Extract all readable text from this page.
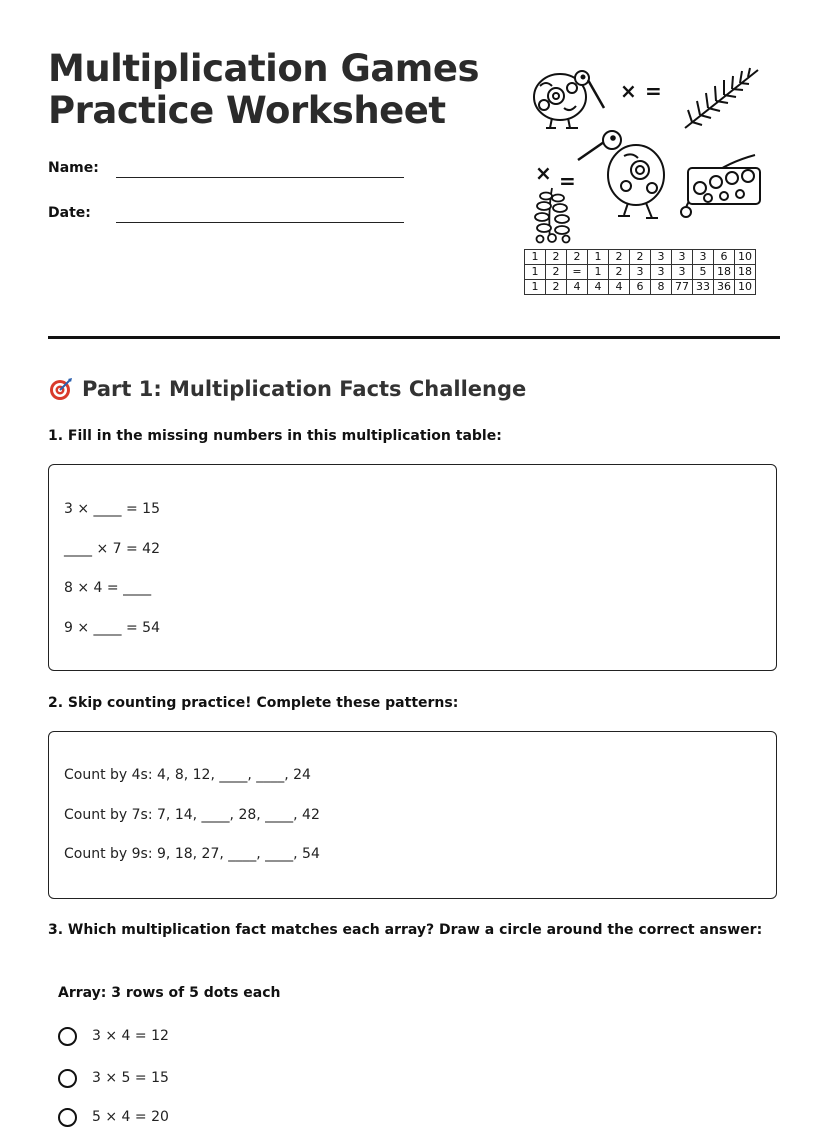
Multiplication Games
Practice Worksheet
Name:
Date:
× =
× =
1	2	2	1	2	2	3	3	3	6	10
1	2	=	1	2	3	3	3	5	18	18
1	2	4	4	4	6	8	77	33	36	10
Part 1: Multiplication Facts Challenge

1. Fill in the missing numbers in this multiplication table:

3 × ____ = 15
____ × 7 = 42
8 × 4 = ____
9 × ____ = 54

2. Skip counting practice! Complete these patterns:

Count by 4s: 4, 8, 12, ____, ____, 24
Count by 7s: 7, 14, ____, 28, ____, 42
Count by 9s: 9, 18, 27, ____, ____, 54

3. Which multiplication fact matches each array? Draw a circle around the correct answer:

Array: 3 rows of 5 dots each
3 × 4 = 12
3 × 5 = 15
5 × 4 = 20
